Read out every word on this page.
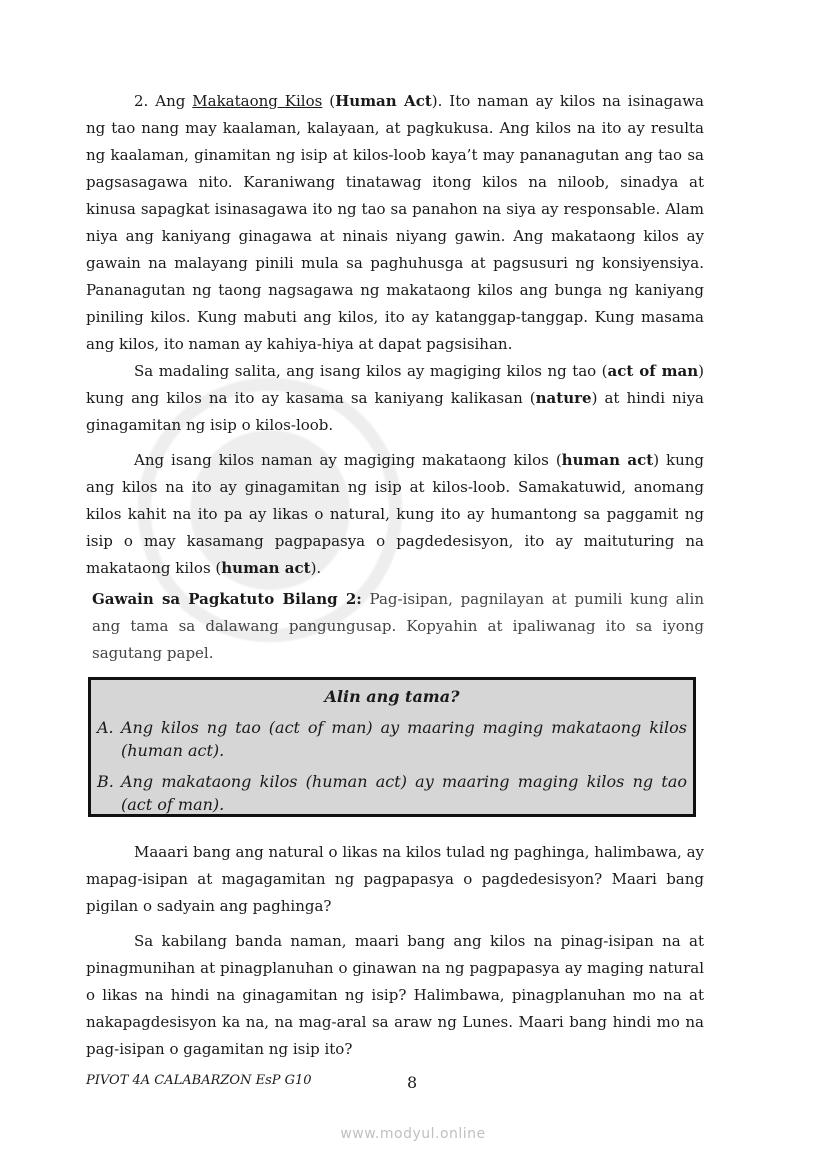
2. Ang Makataong Kilos (Human Act). Ito naman ay kilos na isinagawa ng tao nang may kaalaman, kalayaan, at pagkukusa. Ang kilos na ito ay resulta ng kaalaman, ginamitan ng isip at kilos-loob kaya’t may pananagutan ang tao sa pagsasagawa nito. Karaniwang tinatawag itong kilos na niloob, sinadya at kinusa sapagkat isinasagawa ito ng tao sa panahon na siya ay responsable. Alam niya ang kaniyang ginagawa at ninais niyang gawin. Ang makataong kilos ay gawain na malayang pinili mula sa paghuhusga at pagsusuri ng konsiyensiya. Pananagutan ng taong nagsagawa ng makataong kilos ang bunga ng kaniyang piniling kilos. Kung mabuti ang kilos, ito ay katanggap-tanggap. Kung masama ang kilos, ito naman ay kahiya-hiya at dapat pagsisihan.

Sa madaling salita, ang isang kilos ay magiging kilos ng tao (act of man) kung ang kilos na ito ay kasama sa kaniyang kalikasan (nature) at hindi niya ginagamitan ng isip o kilos-loob.

Ang isang kilos naman ay magiging makataong kilos (human act) kung ang kilos na ito ay ginagamitan ng isip at kilos-loob. Samakatuwid, anomang kilos kahit na ito pa ay likas o natural, kung ito ay humantong sa paggamit ng isip o may kasamang pagpapasya o pagdedesisyon, ito ay maituturing na makataong kilos (human act).

Gawain sa Pagkatuto Bilang 2: Pag-isipan, pagnilayan at pumili kung alin ang tama sa dalawang pangungusap. Kopyahin at ipaliwanag ito sa iyong sagutang papel.
Alin ang tama?
A. Ang kilos ng tao (act of man) ay maaring maging makataong kilos (human act).
B. Ang makataong kilos (human act) ay maaring maging kilos ng tao (act of man).

Maaari bang ang natural o likas na kilos tulad ng paghinga, halimbawa, ay mapag-isipan at magagamitan ng pagpapasya o pagdedesisyon? Maari bang pigilan o sadyain ang paghinga?

Sa kabilang banda naman, maari bang ang kilos na pinag-isipan na at pinagmunihan at pinagplanuhan o ginawan na ng pagpapasya ay maging natural o likas na hindi na ginagamitan ng isip? Halimbawa, pinagplanuhan mo na at nakapagdesisyon ka na, na mag-aral sa araw ng Lunes. Maari bang hindi mo na pag-isipan o gagamitan ng isip ito?

PIVOT 4A CALABARZON EsP G10	8
www.modyul.online
